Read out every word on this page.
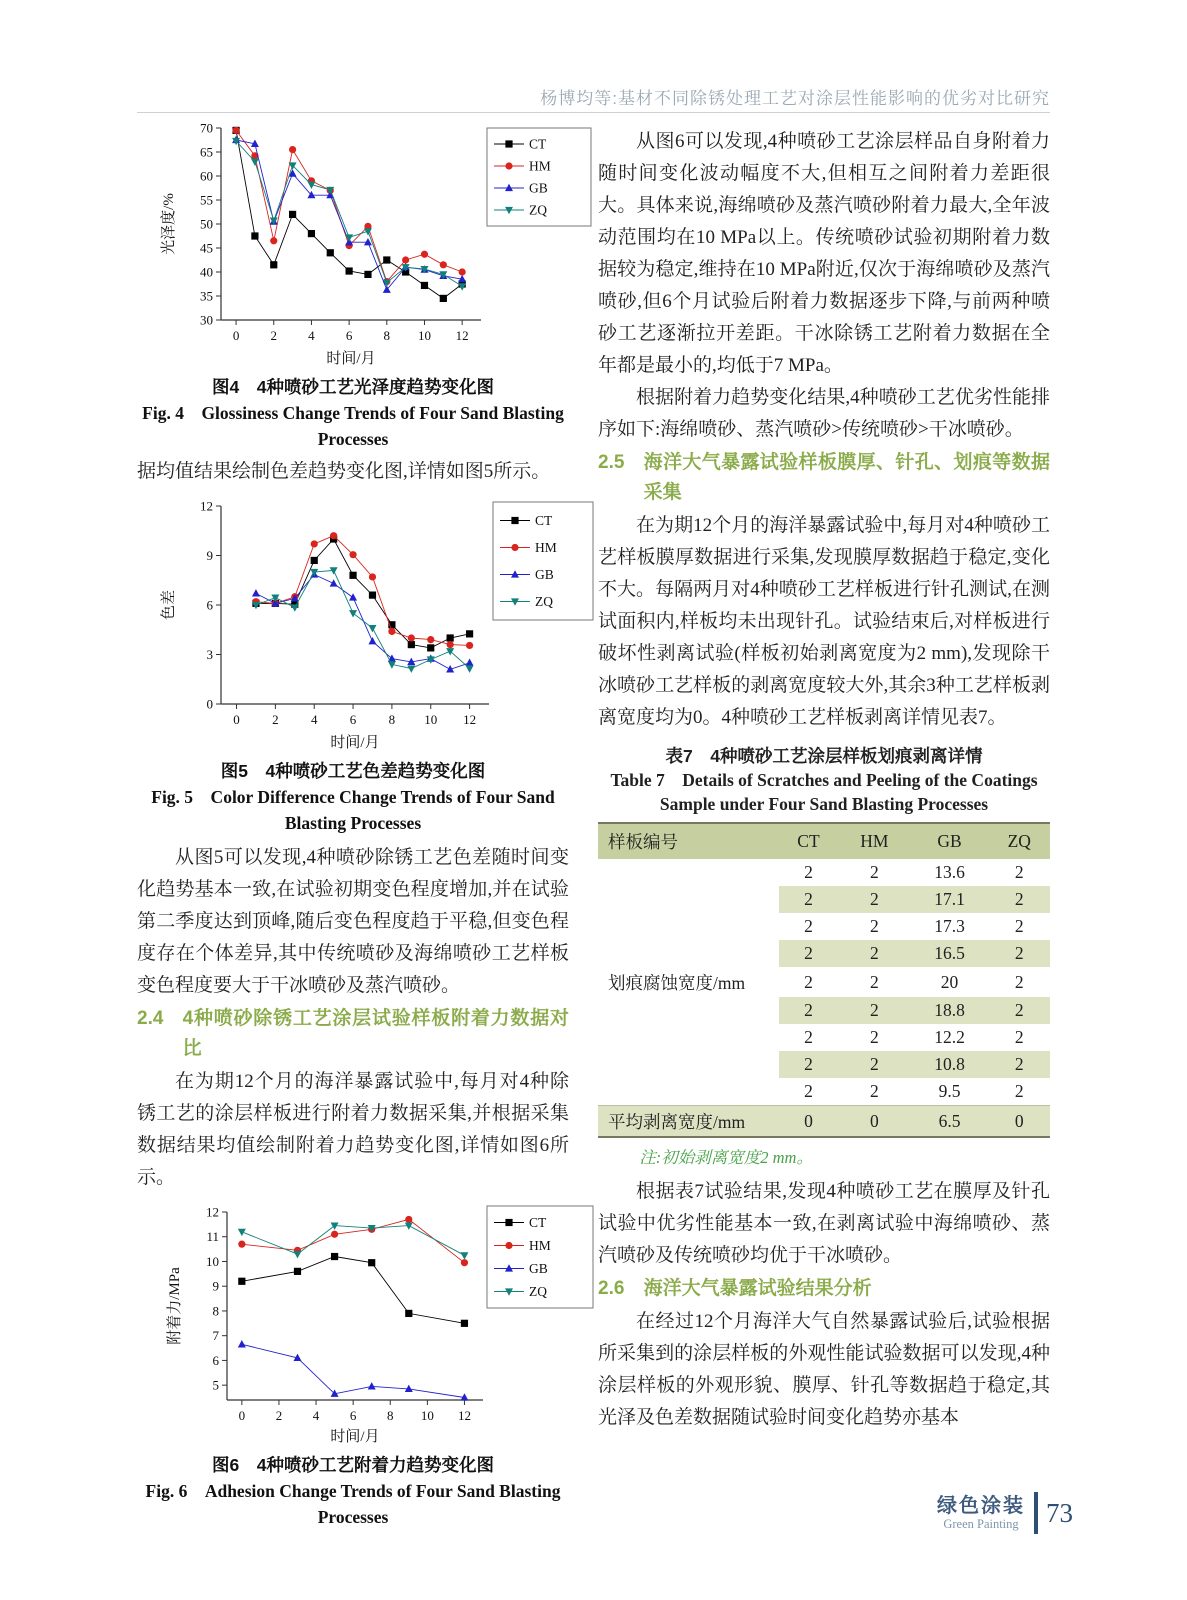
杨博均等:基材不同除锈处理工艺对涂层性能影响的优劣对比研究
30
35
40
45
50
55
60
65
70
0 2 4 6 8 10 12
时间/月
光泽度/%
CT
HM
GB
ZQ

图4　4种喷砂工艺光泽度趋势变化图

Fig. 4　Glossiness Change Trends of Four Sand Blasting Processes

据均值结果绘制色差趋势变化图,详情如图5所示。

0
3
6
9
12
0 2 4 6 8 10 12
时间/月
色差
CT
HM
GB
ZQ

图5　4种喷砂工艺色差趋势变化图

Fig. 5　Color Difference Change Trends of Four Sand Blasting Processes

从图5可以发现,4种喷砂除锈工艺色差随时间变化趋势基本一致,在试验初期变色程度增加,并在试验第二季度达到顶峰,随后变色程度趋于平稳,但变色程度存在个体差异,其中传统喷砂及海绵喷砂工艺样板变色程度要大于干冰喷砂及蒸汽喷砂。

2.4	4种喷砂除锈工艺涂层试验样板附着力数据对比

在为期12个月的海洋暴露试验中,每月对4种除锈工艺的涂层样板进行附着力数据采集,并根据采集数据结果均值绘制附着力趋势变化图,详情如图6所示。

5
6
7
8
9
10
11
12
0 2 4 6 8 10 12
时间/月
附着力/MPa
CT
HM
GB
ZQ

图6　4种喷砂工艺附着力趋势变化图

Fig. 6　Adhesion Change Trends of Four Sand Blasting Processes

从图6可以发现,4种喷砂工艺涂层样品自身附着力随时间变化波动幅度不大,但相互之间附着力差距很大。具体来说,海绵喷砂及蒸汽喷砂附着力最大,全年波动范围均在10 MPa以上。传统喷砂试验初期附着力数据较为稳定,维持在10 MPa附近,仅次于海绵喷砂及蒸汽喷砂,但6个月试验后附着力数据逐步下降,与前两种喷砂工艺逐渐拉开差距。干冰除锈工艺附着力数据在全年都是最小的,均低于7 MPa。

根据附着力趋势变化结果,4种喷砂工艺优劣性能排序如下:海绵喷砂、蒸汽喷砂>传统喷砂>干冰喷砂。

2.5	海洋大气暴露试验样板膜厚、针孔、划痕等数据采集

在为期12个月的海洋暴露试验中,每月对4种喷砂工艺样板膜厚数据进行采集,发现膜厚数据趋于稳定,变化不大。每隔两月对4种喷砂工艺样板进行针孔测试,在测试面积内,样板均未出现针孔。试验结束后,对样板进行破坏性剥离试验(样板初始剥离宽度为2 mm),发现除干冰喷砂工艺样板的剥离宽度较大外,其余3种工艺样板剥离宽度均为0。4种喷砂工艺样板剥离详情见表7。

表7　4种喷砂工艺涂层样板划痕剥离详情

Table 7　Details of Scratches and Peeling of the Coatings Sample under Four Sand Blasting Processes

样板编号	CT	HM	GB	ZQ
	2	2	13.6	2
	2	2	17.1	2
	2	2	17.3	2
	2	2	16.5	2
划痕腐蚀宽度/mm	2	2	20	2
	2	2	18.8	2
	2	2	12.2	2
	2	2	10.8	2
	2	2	9.5	2
平均剥离宽度/mm	0	0	6.5	0

注:初始剥离宽度2 mm。

根据表7试验结果,发现4种喷砂工艺在膜厚及针孔试验中优劣性能基本一致,在剥离试验中海绵喷砂、蒸汽喷砂及传统喷砂均优于干冰喷砂。

2.6	海洋大气暴露试验结果分析

在经过12个月海洋大气自然暴露试验后,试验根据所采集到的涂层样板的外观性能试验数据可以发现,4种涂层样板的外观形貌、膜厚、针孔等数据趋于稳定,其光泽及色差数据随试验时间变化趋势亦基本

绿色涂装
Green Painting 73
